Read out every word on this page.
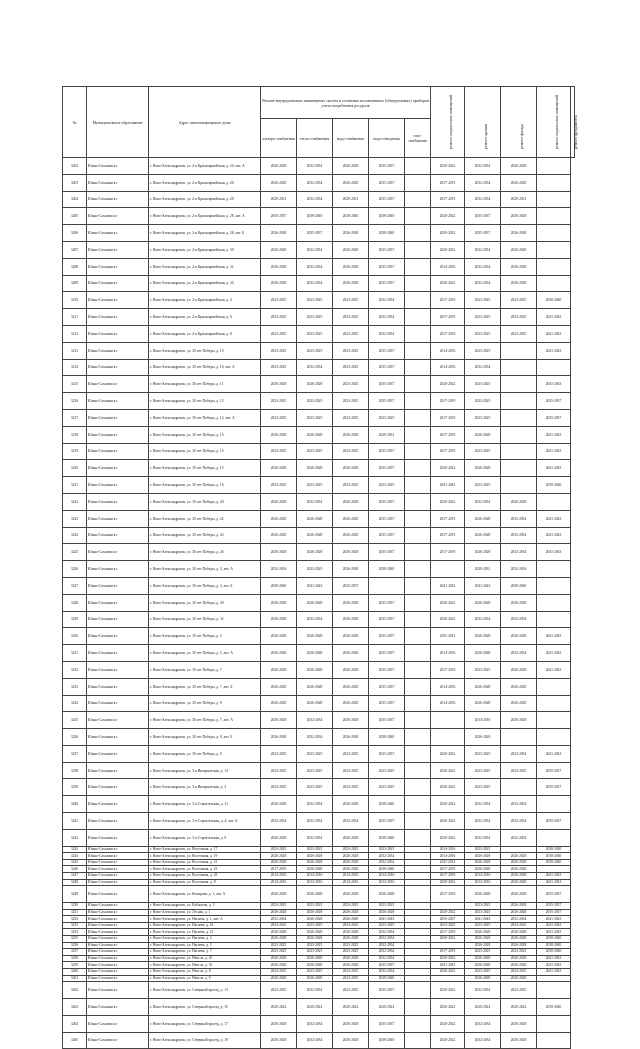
№	Муниципальное образование	Адрес многоквартирного дома	Ремонт внутридомовых инженерных систем и установка коллективных (общедомовых) приборов учета потребления ресурсов					ремонт подвальных помещений	ремонт крыши	ремонт фасада	ремонт подвальных помещений	ремонт фундамента

			электро-снабжения	тепло-снабжения	водо-снабжения	водо-отведения	газо-снабжения					
3202	Южно-Сахалинск г	г. Ново-Александровск, ул. 2-я Красноармейская, д. 24, лит. А	2026-2028	2032-2034	2026-2028	2035-2037		2020-2022	2032-2034	2026-2028		
3203	Южно-Сахалинск г	г. Ново-Александровск, ул. 2-я Красноармейская, д. 26	2026-2028	2032-2034	2026-2028	2035-2037		2017-2019	2032-2034	2026-2028		
3204	Южно-Сахалинск г	г. Ново-Александровск, ул. 2-я Красноармейская, д. 28	2029-2031	2032-2034	2029-2031	2035-2037		2017-2019	2032-2034	2029-2031		
3205	Южно-Сахалинск г	г. Ново-Александровск, ул. 2-я Красноармейская, д. 28, лит. А	2035-2037	2038-2040	2038-2040	2038-2040		2020-2022	2035-2037	2026-2028		
3206	Южно-Сахалинск г	г. Ново-Александровск, ул. 2-я Красноармейская, д. 28, лит. Б	2026-2028	2035-2037	2026-2028	2038-2040		2020-2022	2035-2037	2026-2028		
3207	Южно-Сахалинск г	г. Ново-Александровск, ул. 2-я Красноармейская, д. 30	2026-2028	2032-2034	2026-2028	2035-2037		2020-2022	2032-2034	2026-2028		
3208	Южно-Сахалинск г	г. Ново-Александровск, ул. 2-я Красноармейская, д. 32	2026-2028	2032-2034	2026-2028	2035-2037		2014-2016	2032-2034	2026-2028		
3209	Южно-Сахалинск г	г. Ново-Александровск, ул. 2-я Красноармейская, д. 34	2026-2028	2032-2034	2026-2028	2035-2037		2020-2022	2032-2034	2026-2028		
3210	Южно-Сахалинск г	г. Ново-Александровск, ул. 2-я Красноармейская, д. 4	2023-2025	2023-2025	2023-2025	2032-2034		2017-2019	2023-2025	2023-2025	2038-2040	
3211	Южно-Сахалинск г	г. Ново-Александровск, ул. 2-я Красноармейская, д. 6	2023-2025	2023-2025	2023-2025	2032-2034		2017-2019	2023-2025	2023-2025	2041-2043	
3212	Южно-Сахалинск г	г. Ново-Александровск, ул. 2-я Красноармейская, д. 8	2023-2025	2023-2025	2023-2025	2032-2034		2017-2019	2023-2025	2023-2025	2041-2043	
3213	Южно-Сахалинск г	г. Ново-Александровск, ул. 30 лет Победы, д. 10	2023-2025	2023-2025	2023-2025	2035-2037		2014-2016	2023-2025		2041-2043	
3214	Южно-Сахалинск г	г. Ново-Александровск, ул. 30 лет Победы, д. 10, лит. А	2023-2025	2032-2034	2023-2025	2035-2037		2014-2016	2032-2034			
3215	Южно-Сахалинск г	г. Ново-Александровск, ул. 30 лет Победы, д. 11	2026-2028	2026-2028	2023-2025	2035-2037		2020-2022	2023-2025		2041-2043	
3216	Южно-Сахалинск г	г. Ново-Александровск, ул. 30 лет Победы, д. 12	2023-2025	2023-2025	2023-2025	2035-2037		2017-2019	2023-2025		2035-2037	
3217	Южно-Сахалинск г	г. Ново-Александровск, ул. 30 лет Победы, д. 12, лит. А	2023-2025	2023-2025	2023-2025	2023-2025		2017-2019	2023-2025		2035-2037	
3218	Южно-Сахалинск г	г. Ново-Александровск, ул. 30 лет Победы, д. 13	2026-2028	2026-2028	2026-2028	2029-2031		2017-2019	2026-2028		2041-2043	
3219	Южно-Сахалинск г	г. Ново-Александровск, ул. 30 лет Победы, д. 14	2023-2025	2023-2025	2023-2025	2035-2037		2017-2019	2023-2025		2041-2043	
3220	Южно-Сахалинск г	г. Ново-Александровск, ул. 30 лет Победы, д. 15	2026-2028	2026-2028	2026-2028	2035-2037		2020-2022	2026-2028		2041-2043	
3221	Южно-Сахалинск г	г. Ново-Александровск, ул. 30 лет Победы, д. 16	2023-2025	2023-2025	2023-2025	2023-2025		2041-2043	2023-2025		2038-2040	
3222	Южно-Сахалинск г	г. Ново-Александровск, ул. 30 лет Победы, д. 20	2026-2028	2032-2034	2026-2028	2035-2037		2020-2022	2032-2034	2026-2028		
3223	Южно-Сахалинск г	г. Ново-Александровск, ул. 30 лет Победы, д. 22	2026-2028	2026-2028	2026-2028	2035-2037		2017-2019	2026-2028	2032-2034	2041-2043	
3224	Южно-Сахалинск г	г. Ново-Александровск, ул. 30 лет Победы, д. 24	2026-2028	2026-2028	2026-2028	2035-2037		2017-2019	2026-2028	2032-2034	2041-2043	
3225	Южно-Сахалинск г	г. Ново-Александровск, ул. 30 лет Победы, д. 26	2026-2028	2026-2028	2026-2028	2035-2037		2017-2019	2026-2028	2032-2034	2041-2043	
3226	Южно-Сахалинск г	г. Ново-Александровск, ул. 30 лет Победы, д. 3, лит. А	2032-2034	2023-2025	2026-2028	2038-2040			2029-2031	2032-2034		
3227	Южно-Сахалинск г	г. Ново-Александровск, ул. 30 лет Победы, д. 3, лит. Б	2038-2040	2041-2043	2035-2037			2041-2043	2041-2043	2038-2040		
3228	Южно-Сахалинск г	г. Ново-Александровск, ул. 30 лет Победы, д. 30	2026-2028	2026-2028	2026-2028	2035-2037		2020-2022	2026-2028	2026-2028		
3229	Южно-Сахалинск г	г. Ново-Александровск, ул. 30 лет Победы, д. 32	2026-2028	2032-2034	2026-2028	2035-2037		2020-2022	2032-2034	2032-2034		
3230	Южно-Сахалинск г	г. Ново-Александровск, ул. 30 лет Победы, д. 5	2026-2028	2026-2028	2026-2028	2035-2037		2011-2013	2026-2028	2026-2028	2041-2043	
3231	Южно-Сахалинск г	г. Ново-Александровск, ул. 30 лет Победы, д. 5, лит. А	2026-2028	2026-2028	2026-2028	2035-2037		2014-2016	2026-2028	2032-2034	2041-2043	
3232	Южно-Сахалинск г	г. Ново-Александровск, ул. 30 лет Победы, д. 7	2026-2028	2026-2028	2026-2028	2035-2037		2017-2019	2023-2025	2026-2028	2041-2043	
3233	Южно-Сахалинск г	г. Ново-Александровск, ул. 30 лет Победы, д. 7, лит. Б	2026-2028	2026-2028	2026-2028	2035-2037		2014-2016	2026-2028	2026-2028		
3234	Южно-Сахалинск г	г. Ново-Александровск, ул. 30 лет Победы, д. 9	2026-2028	2026-2028	2026-2028	2035-2037		2014-2016	2026-2028	2026-2028		
3235	Южно-Сахалинск г	г. Ново-Александровск, ул. 30 лет Победы, д. 7, лит. А	2026-2028	2032-2034	2026-2028	2035-2037			2014-2016	2026-2028		
3236	Южно-Сахалинск г	г. Ново-Александровск, ул. 30 лет Победы, д. 9, лит. Б	2026-2028	2032-2034	2026-2028	2038-2040			2026-2028			
3237	Южно-Сахалинск г	г. Ново-Александровск, ул. 30 лет Победы, д. 9	2023-2025	2023-2025	2023-2025	2035-2037		2020-2022	2023-2025	2023-2034	2041-2043	
3238	Южно-Сахалинск г	г. Ново-Александровск, ул. 3-я Интернатская, д. 14	2023-2025	2023-2025	2023-2025	2023-2025		2020-2022	2023-2025	2023-2025	2035-2037	
3239	Южно-Сахалинск г	г. Ново-Александровск, ул. 3-я Интернатская, д. 3	2023-2025	2023-2025	2023-2025	2023-2025		2020-2022	2023-2025		2035-2037	
3240	Южно-Сахалинск г	г. Ново-Александровск, ул. 3-я Строительная, д. 11	2026-2028	2032-2034	2026-2028	2038-2040		2020-2022	2032-2034	2032-2034		
3241	Южно-Сахалинск г	г. Ново-Александровск, ул. 3-я Строительная, д. 4, лит. А	2032-2034	2032-2034	2032-2034	2035-2037		2020-2022	2032-2034	2032-2034	2035-2037	
3242	Южно-Сахалинск г	г. Ново-Александровск, ул. 3-я Строительная, д. 9	2026-2028	2032-2034	2026-2028	2038-2040		2020-2022	2032-2034	2032-2034		
3243	Южно-Сахалинск г	г. Ново-Александровск, ул. Восточная, д. 17	2023-2025	2023-2025	2023-2025	2023-2025		2014-2016	2023-2025		2038-2040	
3244	Южно-Сахалинск г	г. Ново-Александровск, ул. Восточная, д. 19	2026-2028	2026-2028	2026-2028	2032-2034		2014-2016	2026-2028	2026-2028	2038-2040	
3245	Южно-Сахалинск г	г. Ново-Александровск, ул. Восточная, д. 21	2026-2028	2026-2028	2026-2028	2032-2034		2011-2013	2026-2028	2026-2028	2038-2040	
3246	Южно-Сахалинск г	г. Ново-Александровск, ул. Восточная, д. 23	2017-2019	2026-2028	2026-2028	2038-2040		2017-2019	2026-2028	2026-2028		
3247	Южно-Сахалинск г	г. Ново-Александровск, ул. Восточная, д. 25	2014-2016	2014-2016	2014-2016	2014-2016		2017-2019	2014-2016	2026-2028	2041-2043	
3248	Южно-Сахалинск г	г. Ново-Александровск, ул. Восточная, д. 8	2014-2016	2014-2016	2014-2016	2014-2016		2020-2022	2014-2016	2026-2028	2041-2043	
3249	Южно-Сахалинск г	г. Ново-Александровск, ул. Комарова, д. 1, лит. А	2026-2028	2026-2028	2026-2028	2026-2028		2017-2019	2026-2028	2026-2028	2035-2037	
3250	Южно-Сахалинск г	г. Ново-Александровск, ул. Кабамучи, д. 3	2023-2025	2023-2025	2023-2025	2023-2025			2023-2025	2026-2028	2035-2037	
3251	Южно-Сахалинск г	г. Ново-Александровск, ул. Лесная, д. 1	2026-2028	2026-2028	2026-2028	2026-2028		2020-2022	2023-2025	2026-2028	2035-2037	
3252	Южно-Сахалинск г	г. Ново-Александровск, ул. Нагаева, д. 1, лит. А	2032-2034	2026-2028	2026-2028	2041-2043		2035-2037	2041-2043	2032-2034	2041-2043	
3253	Южно-Сахалинск г	г. Ново-Александровск, ул. Нагаева, д. 16	2023-2025	2023-2025	2023-2025	2023-2025		2023-2025	2023-2025	2023-2025	2041-2043	
3254	Южно-Сахалинск г	г. Ново-Александровск, ул. Нагаева, д. 21	2026-2028	2026-2028	2026-2028	2032-2034		2017-2019	2026-2028	2026-2028	2041-2043	
3255	Южно-Сахалинск г	г. Ново-Александровск, ул. Нагаева, д. 3	2026-2028	2026-2028	2026-2028	2032-2034		2020-2022	2026-2028	2026-2028	2038-2040	
3256	Южно-Сахалинск г	г. Ново-Александровск, ул. Нагаева, д. 5	2023-2025	2023-2025	2023-2025	2032-2034			2026-2028	2026-2028	2038-2040	
3257	Южно-Сахалинск г	г. Ново-Александровск, ул. Нагаева, д. 7	2023-2025	2023-2025	2023-2025	2032-2034		2017-2019	2023-2025	2023-2025	2038-2040	
3258	Южно-Сахалинск г	г. Ново-Александровск, ул. Неисла, д. 10	2026-2028	2026-2028	2026-2028	2032-2034		2020-2022	2026-2028	2026-2028	2041-2043	
3259	Южно-Сахалинск г	г. Ново-Александровск, ул. Неисла, д. 10	2026-2028	2026-2028	2026-2028	2035-2037		2041-2043	2026-2028	2026-2028	2041-2043	
3260	Южно-Сахалинск г	г. Ново-Александровск, ул. Неисла, д. 8	2023-2025	2023-2025	2023-2025	2032-2034		2020-2022	2023-2025	2023-2025	2041-2043	
3261	Южно-Сахалинск г	г. Ново-Александровск, ул. Неисла, д. 9	2026-2028	2026-2028	2023-2025	2038-2040			2026-2028	2026-2028		
3262	Южно-Сахалинск г	г. Ново-Александровск, ул. Северный проезд, д. 13	2023-2025	2032-2034	2023-2025	2035-2037		2020-2022	2032-2034	2023-2025		
3263	Южно-Сахалинск г	г. Ново-Александровск, ул. Северный проезд, д. 15	2020-2022	2020-2022	2020-2022	2020-2022		2020-2022	2020-2022	2020-2022	2038-2040	
3264	Южно-Сахалинск г	г. Ново-Александровск, ул. Северный проезд, д. 17	2026-2028	2032-2034	2026-2028	2035-2037		2020-2022	2032-2034	2026-2028		
3265	Южно-Сахалинск г	г. Ново-Александровск, ул. Северный проезд, д. 19	2026-2028	2032-2034	2026-2028	2038-2040		2020-2022	2032-2034	2026-2028		
